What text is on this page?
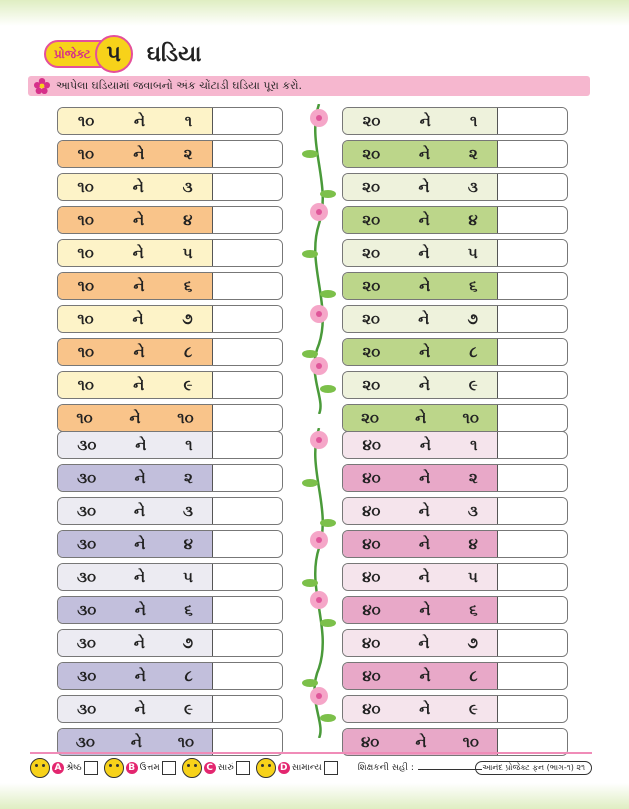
પ્રોજેક્ટ ૫	ઘડિયા
આપેલા ઘડિયામાં જવાબનો અંક ચોંટાડી ઘડિયા પૂરા કરો.
૧૦	ને	૧
૧૦	ને	૨
૧૦	ને	૩
૧૦	ને	૪
૧૦	ને	૫
૧૦	ને	૬
૧૦	ને	૭
૧૦	ને	૮
૧૦	ને	૯
૧૦ ને ૧૦
૨૦	ને	૧
૨૦	ને	૨
૨૦	ને	૩
૨૦	ને	૪
૨૦	ને	૫
૨૦	ને	૬
૨૦	ને	૭
૨૦	ને	૮
૨૦	ને	૯
૨૦ ને ૧૦
૩૦	ને	૧
૩૦	ને	૨
૩૦	ને	૩
૩૦	ને	૪
૩૦	ને	૫
૩૦	ને	૬
૩૦	ને	૭
૩૦	ને	૮
૩૦	ને	૯
૩૦ ને ૧૦
૪૦	ને	૧
૪૦	ને	૨
૪૦	ને	૩
૪૦	ને	૪
૪૦	ને	૫
૪૦	ને	૬
૪૦	ને	૭
૪૦	ને	૮
૪૦	ને	૯
૪૦ ને ૧૦
A શ્રેષ્ઠ	B ઉત્તમ	C સારું	D સામાન્ય	શિક્ષકની સહી :	આનંદ પ્રોજેક્ટ ફન (ભાગ-૧) ૨૧
